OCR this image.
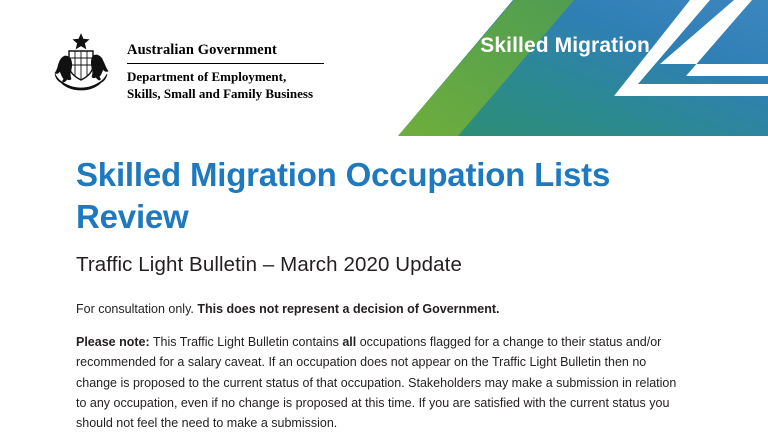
Skilled Migration
Australian Government
Department of Employment,
Skills, Small and Family Business
Skilled Migration Occupation Lists Review
Traffic Light Bulletin – March 2020 Update
For consultation only. This does not represent a decision of Government.
Please note: This Traffic Light Bulletin contains all occupations flagged for a change to their status and/or recommended for a salary caveat. If an occupation does not appear on the Traffic Light Bulletin then no change is proposed to the current status of that occupation. Stakeholders may make a submission in relation to any occupation, even if no change is proposed at this time. If you are satisfied with the current status you should not feel the need to make a submission.
